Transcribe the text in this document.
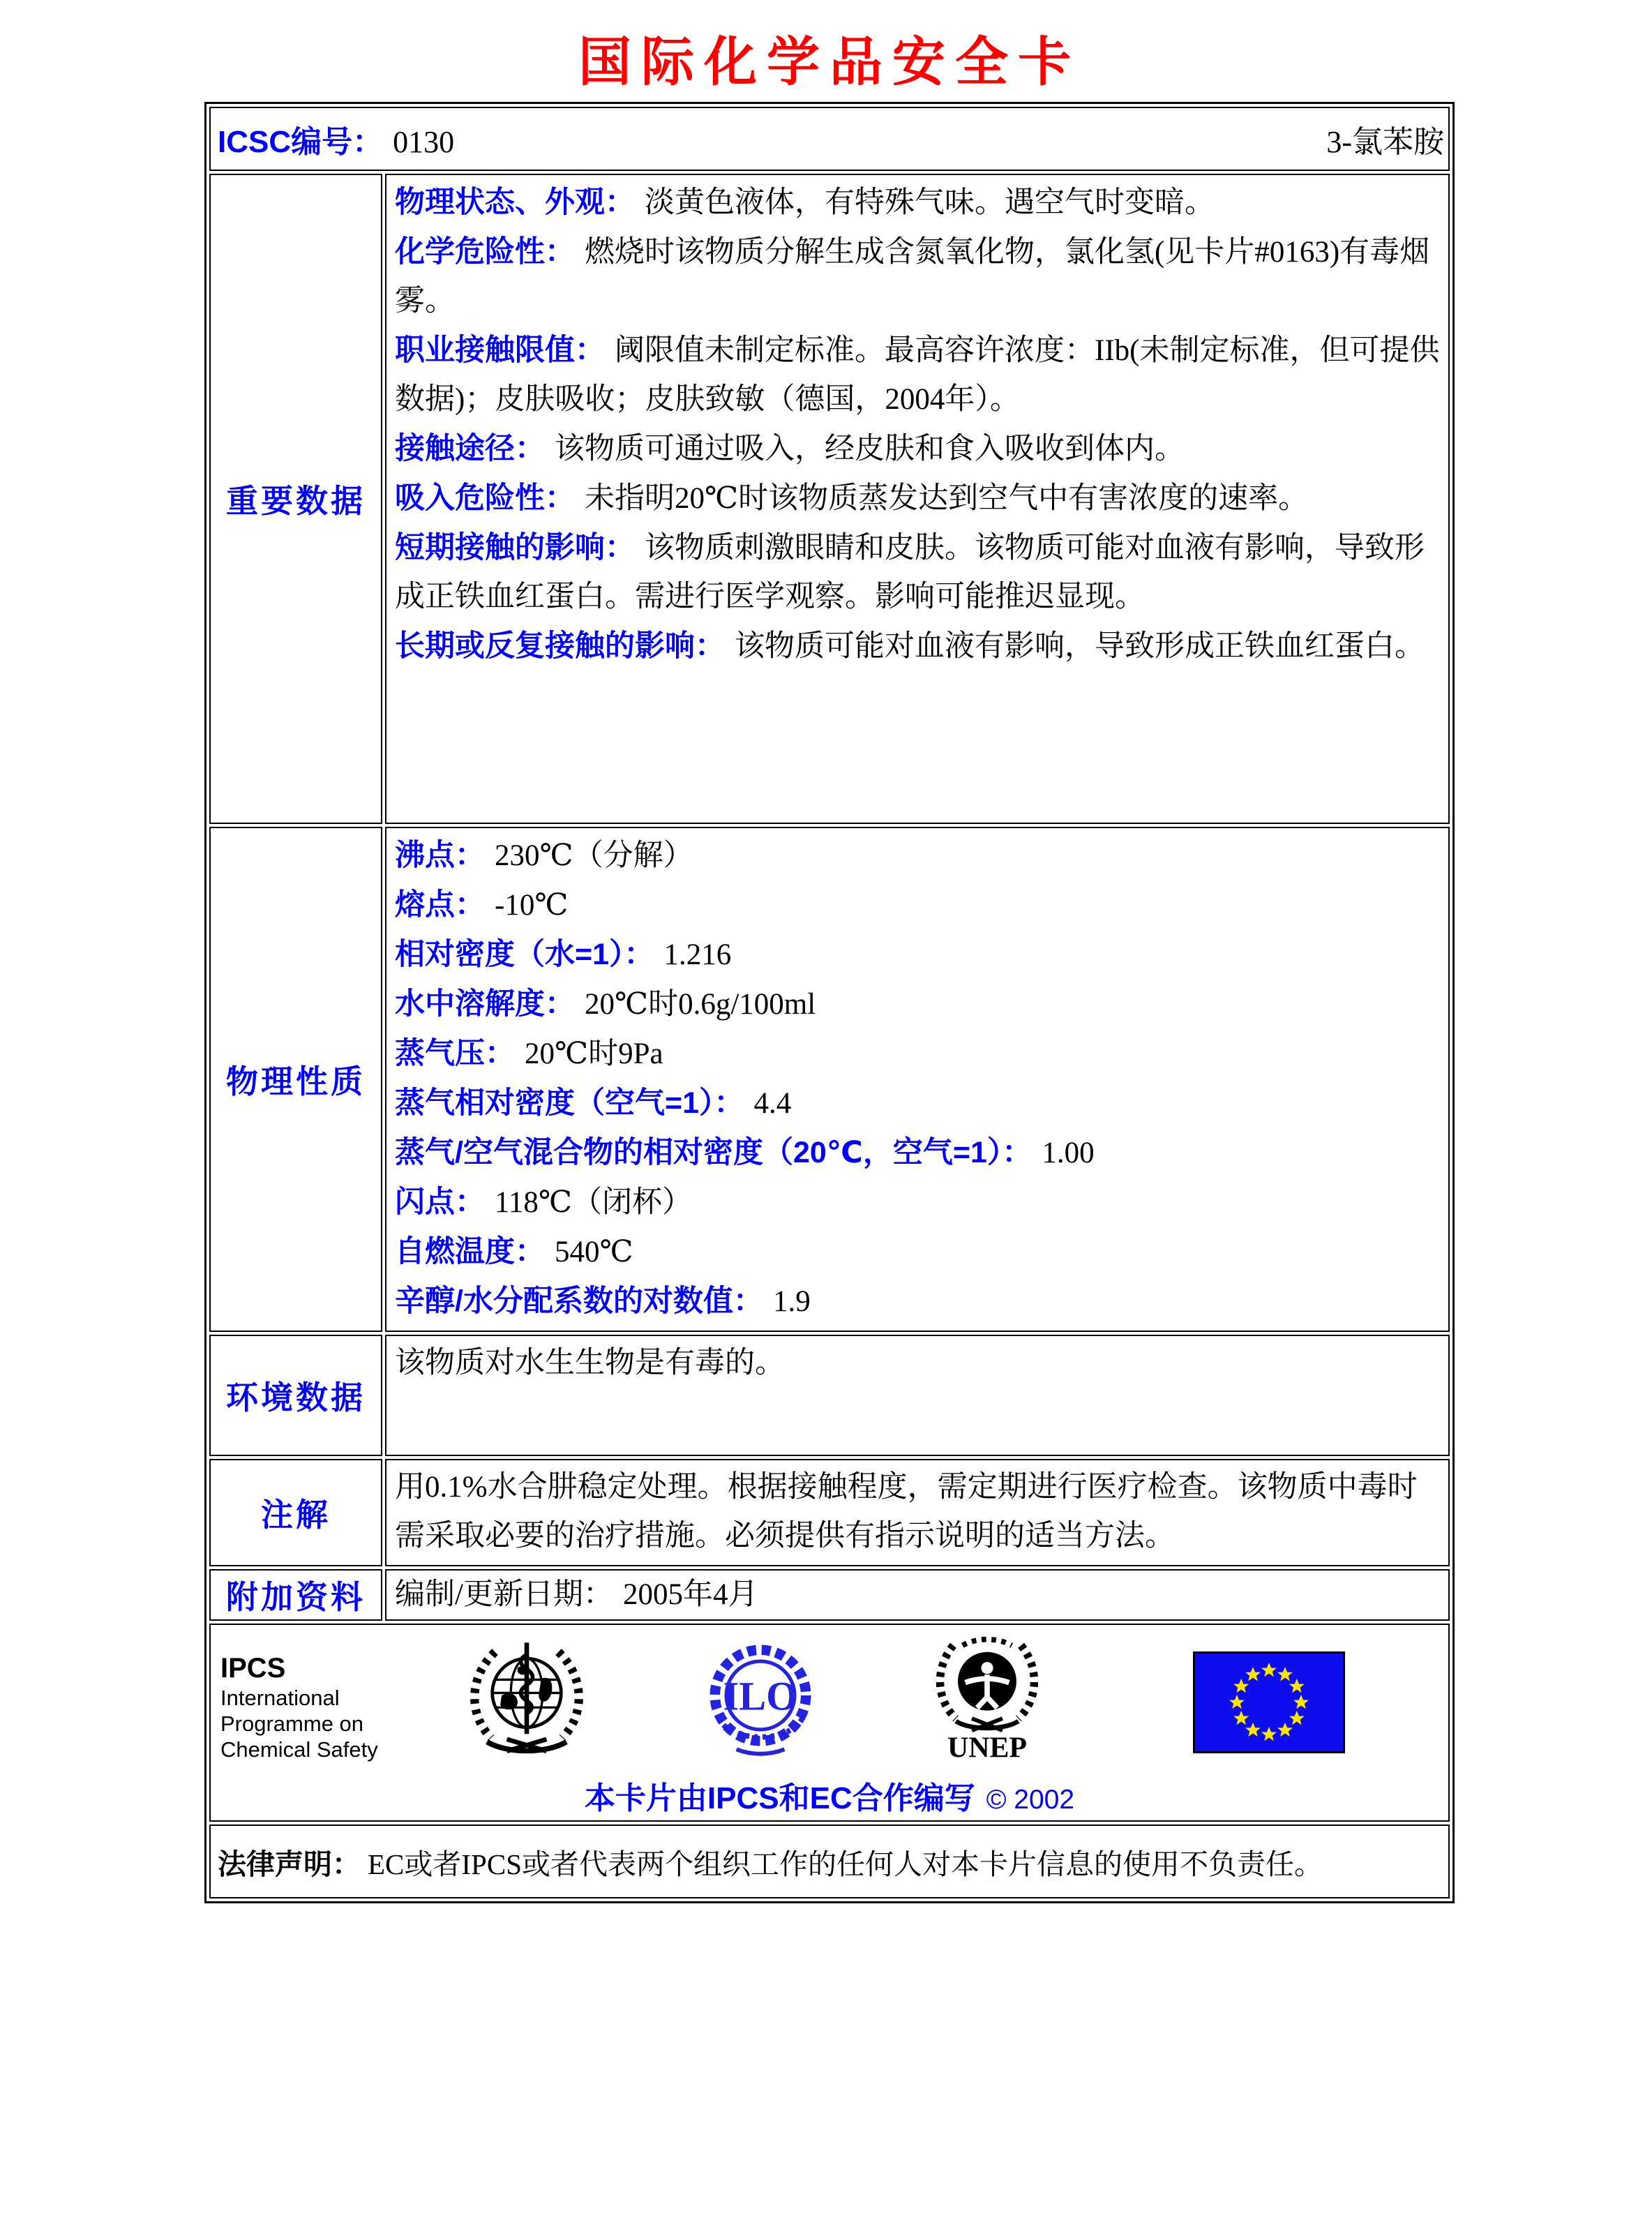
国际化学品安全卡
ICSC编号： 0130 3-氯苯胺	

重要数据	
物理状态、外观： 淡黄色液体，有特殊气味。遇空气时变暗。
化学危险性： 燃烧时该物质分解生成含氮氧化物，氯化氢(见卡片#0163)有毒烟雾。
职业接触限值： 阈限值未制定标准。最高容许浓度：IIb(未制定标准，但可提供数据)；皮肤吸收；皮肤致敏（德国，2004年）。
接触途径： 该物质可通过吸入，经皮肤和食入吸收到体内。
吸入危险性： 未指明20℃时该物质蒸发达到空气中有害浓度的速率。
短期接触的影响： 该物质刺激眼睛和皮肤。该物质可能对血液有影响，导致形成正铁血红蛋白。需进行医学观察。影响可能推迟显现。
长期或反复接触的影响： 该物质可能对血液有影响，导致形成正铁血红蛋白。

物理性质	
沸点： 230℃（分解）
熔点： -10℃
相对密度（水=1）： 1.216
水中溶解度： 20℃时0.6g/100ml
蒸气压： 20℃时9Pa
蒸气相对密度（空气=1）： 4.4
蒸气/空气混合物的相对密度（20℃，空气=1）： 1.00
闪点： 118℃（闭杯）
自燃温度： 540℃
辛醇/水分配系数的对数值： 1.9

环境数据	该物质对水生生物是有毒的。

注解	用0.1%水合肼稳定处理。根据接触程度，需定期进行医疗检查。该物质中毒时需采取必要的治疗措施。必须提供有指示说明的适当方法。

附加资料	编制/更新日期： 2005年4月

IPCS
International
Programme on
Chemical Safety
ILO
UNEP
本卡片由IPCS和EC合作编写 © 2002

法律声明： EC或者IPCS或者代表两个组织工作的任何人对本卡片信息的使用不负责任。	
